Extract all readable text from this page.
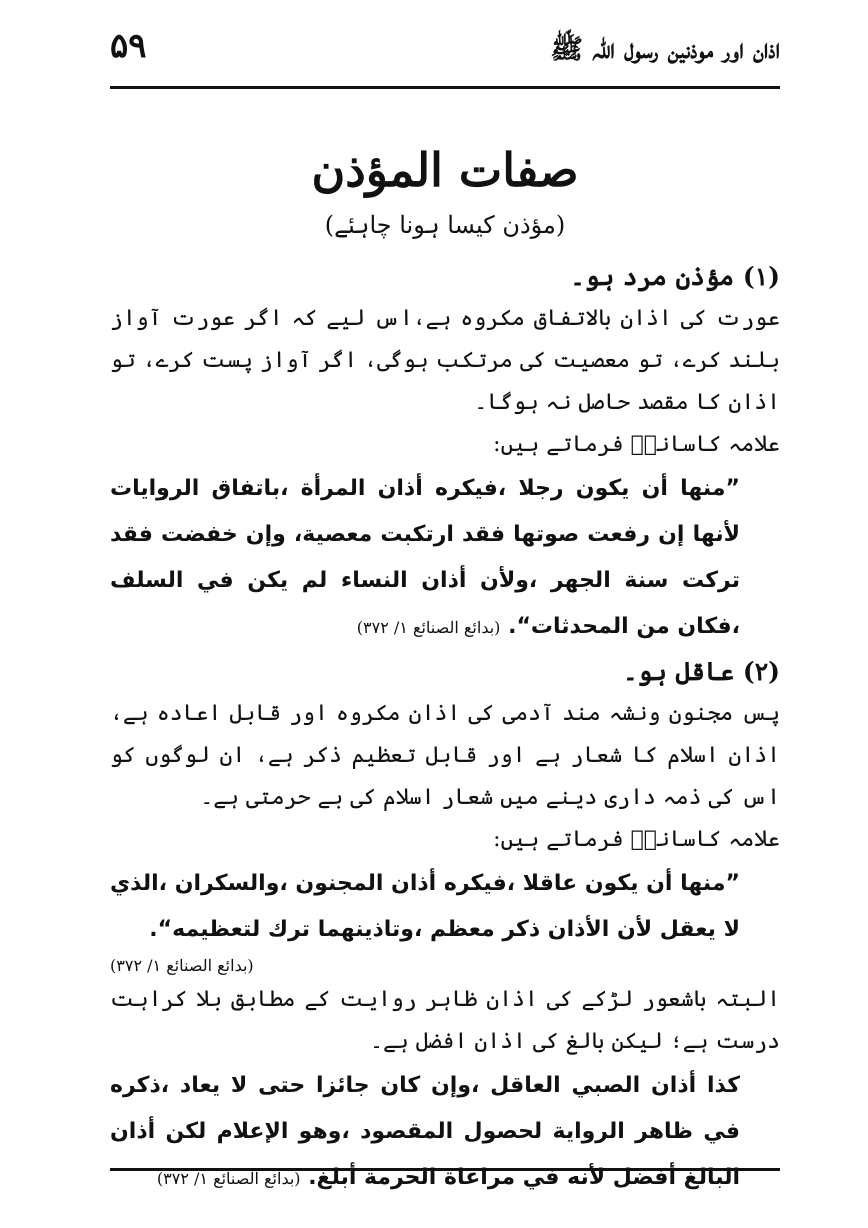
اذان اور موذنین رسول اللہ ﷺ
۵۹
صفات المؤذن
(مؤذن کیسا ہونا چاہئے)

(۱) مؤذن مرد ہو۔

عورت کی اذان بالاتفاق مکروہ ہے،اس لیے کہ اگر عورت آواز بلند کرے، تو معصیت کی مرتکب ہوگی، اگر آواز پست کرے، تو اذان کا مقصد حاصل نہ ہوگا۔

علامہ کاسانیؒ فرماتے ہیں:

”منها أن يكون رجلا ،فيكره أذان المرأة ،باتفاق الروايات لأنها إن رفعت صوتها فقد ارتكبت معصية، وإن خفضت فقد تركت سنة الجهر ،ولأن أذان النساء لم يكن في السلف ،فكان من المحدثات“. (بدائع الصنائع ۱/ ۳۷۲)

(۲) عاقل ہو۔

پس مجنون ونشہ مند آدمی کی اذان مکروہ اور قابل اعادہ ہے، اذان اسلام کا شعار ہے اور قابل تعظیم ذکر ہے، ان لوگوں کو اس کی ذمہ داری دینے میں شعار اسلام کی بے حرمتی ہے۔

علامہ کاسانیؒ فرماتے ہیں:

”منها أن يكون عاقلا ،فيكره أذان المجنون ،والسكران ،الذي لا يعقل لأن الأذان ذكر معظم ،وتاذينهما ترك لتعظيمه“.

(بدائع الصنائع ۱/ ۳۷۲)

البتہ باشعور لڑکے کی اذان ظاہر روایت کے مطابق بلا کراہت درست ہے؛ لیکن بالغ کی اذان افضل ہے۔

كذا أذان الصبي العاقل ،وإن كان جائزا حتى لا يعاد ،ذكره في ظاهر الرواية لحصول المقصود ،وهو الإعلام لكن أذان البالغ أفضل لأنه في مراعاة الحرمة أبلغ. (بدائع الصنائع ۱/ ۳۷۲)
